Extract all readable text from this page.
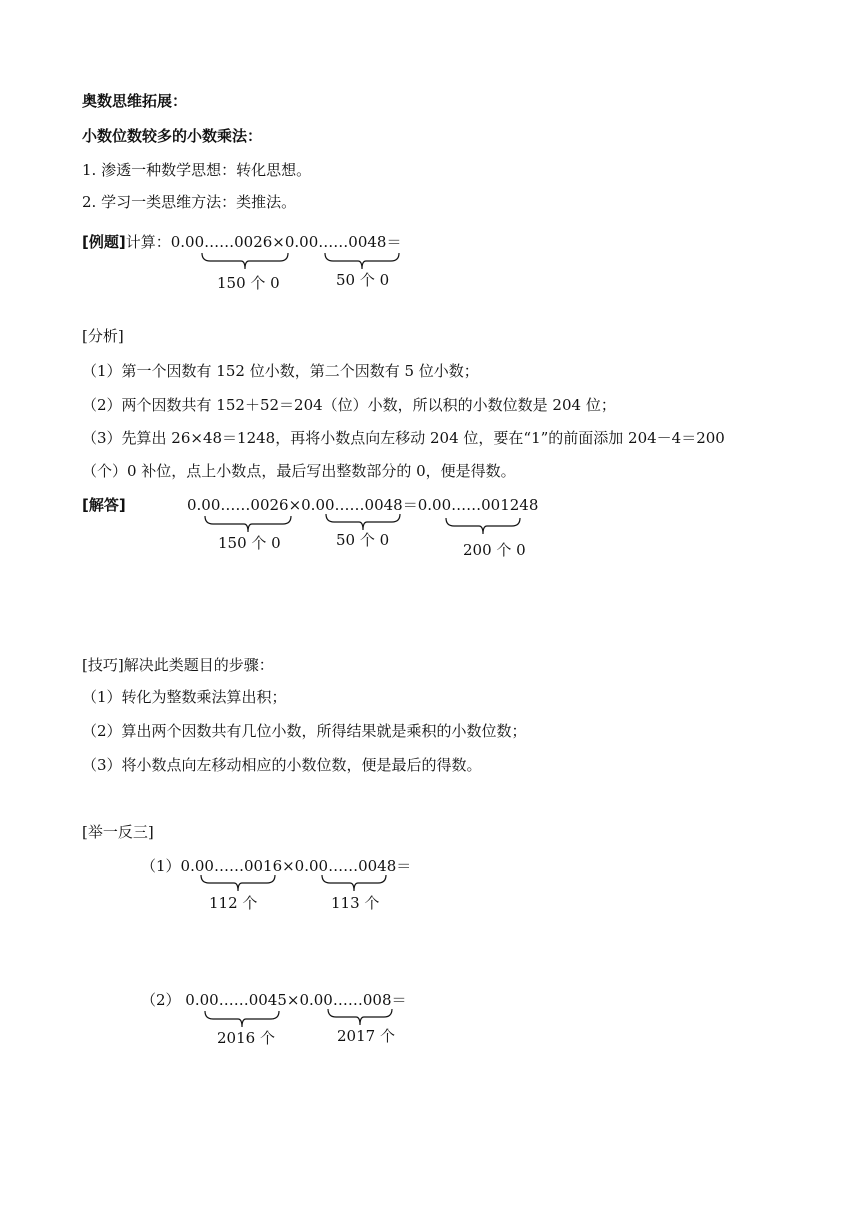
奥数思维拓展：
小数位数较多的小数乘法：
1. 渗透一种数学思想：转化思想。
2. 学习一类思维方法：类推法。
[例题]计算：0.00……0026×0.00……0048＝
150 个 0	50 个 0
[分析]
（1）第一个因数有 152 位小数，第二个因数有 5 位小数；
（2）两个因数共有 152＋52＝204（位）小数，所以积的小数位数是 204 位；
（3）先算出 26×48＝1248，再将小数点向左移动 204 位，要在“1”的前面添加 204－4＝200
（个）0 补位，点上小数点，最后写出整数部分的 0，便是得数。
[解答]	0.00……0026×0.00……0048＝0.00……001248
150 个 0	50 个 0
200 个 0
[技巧]解决此类题目的步骤：
（1）转化为整数乘法算出积；
（2）算出两个因数共有几位小数，所得结果就是乘积的小数位数；
（3）将小数点向左移动相应的小数位数，便是最后的得数。
[举一反三]
（1）0.00……0016×0.00……0048＝
112 个	113 个
（2） 0.00……0045×0.00……008＝
2016 个	2017 个
